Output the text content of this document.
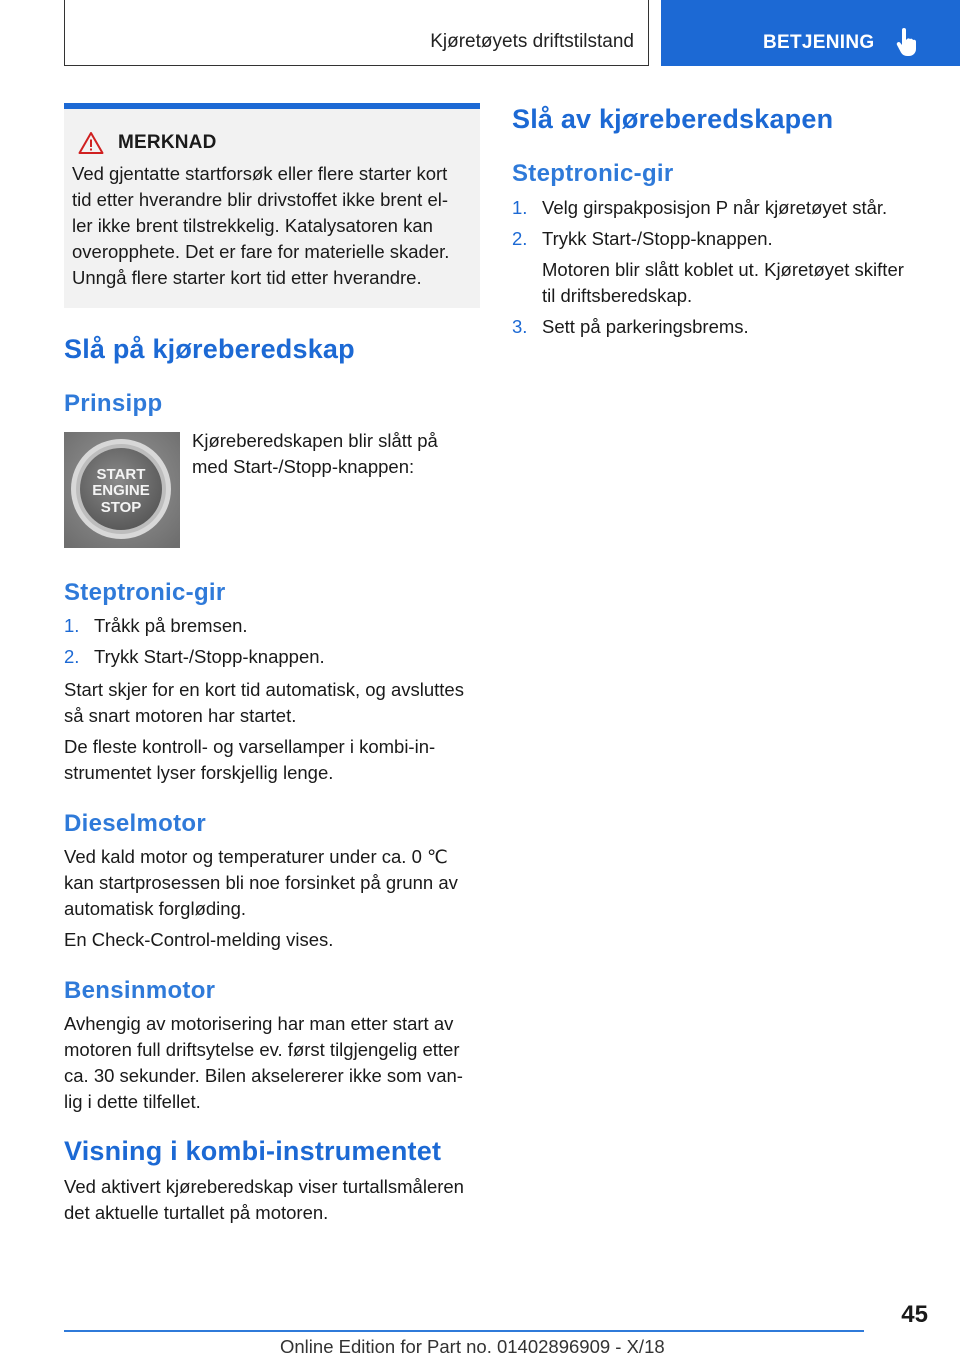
Kjøretøyets driftstilstand	BETJENING
MERKNAD

Ved gjentatte startforsøk eller flere starter kort

tid etter hverandre blir drivstoffet ikke brent el‐

ler ikke brent tilstrekkelig. Katalysatoren kan

overopphete. Det er fare for materielle skader.

Unngå flere starter kort tid etter hverandre.

Slå på kjøreberedskap
Prinsipp
START
ENGINE
STOP
Kjøreberedskapen blir slått på
med Start-/Stopp-knappen:
Steptronic-gir
1. Tråkk på bremsen.
2. Trykk Start-/Stopp-knappen.
Start skjer for en kort tid automatisk, og avsluttes
så snart motoren har startet.
De fleste kontroll- og varsellamper i kombi-in‐
strumentet lyser forskjellig lenge.
Dieselmotor
Ved kald motor og temperaturer under ca. 0 ℃
kan startprosessen bli noe forsinket på grunn av
automatisk forgløding.
En Check-Control-melding vises.
Bensinmotor
Avhengig av motorisering har man etter start av
motoren full driftsytelse ev. først tilgjengelig etter
ca. 30 sekunder. Bilen akselererer ikke som van‐
lig i dette tilfellet.
Visning i kombi-instrumentet
Ved aktivert kjøreberedskap viser turtallsmåleren
det aktuelle turtallet på motoren.
Slå av kjøreberedskapen
Steptronic-gir
1. Velg girspakposisjon P når kjøretøyet står.
2. Trykk Start-/Stopp-knappen.
Motoren blir slått koblet ut. Kjøretøyet skifter
til driftsberedskap.
3. Sett på parkeringsbrems.
45
Online Edition for Part no. 01402896909 - X/18
